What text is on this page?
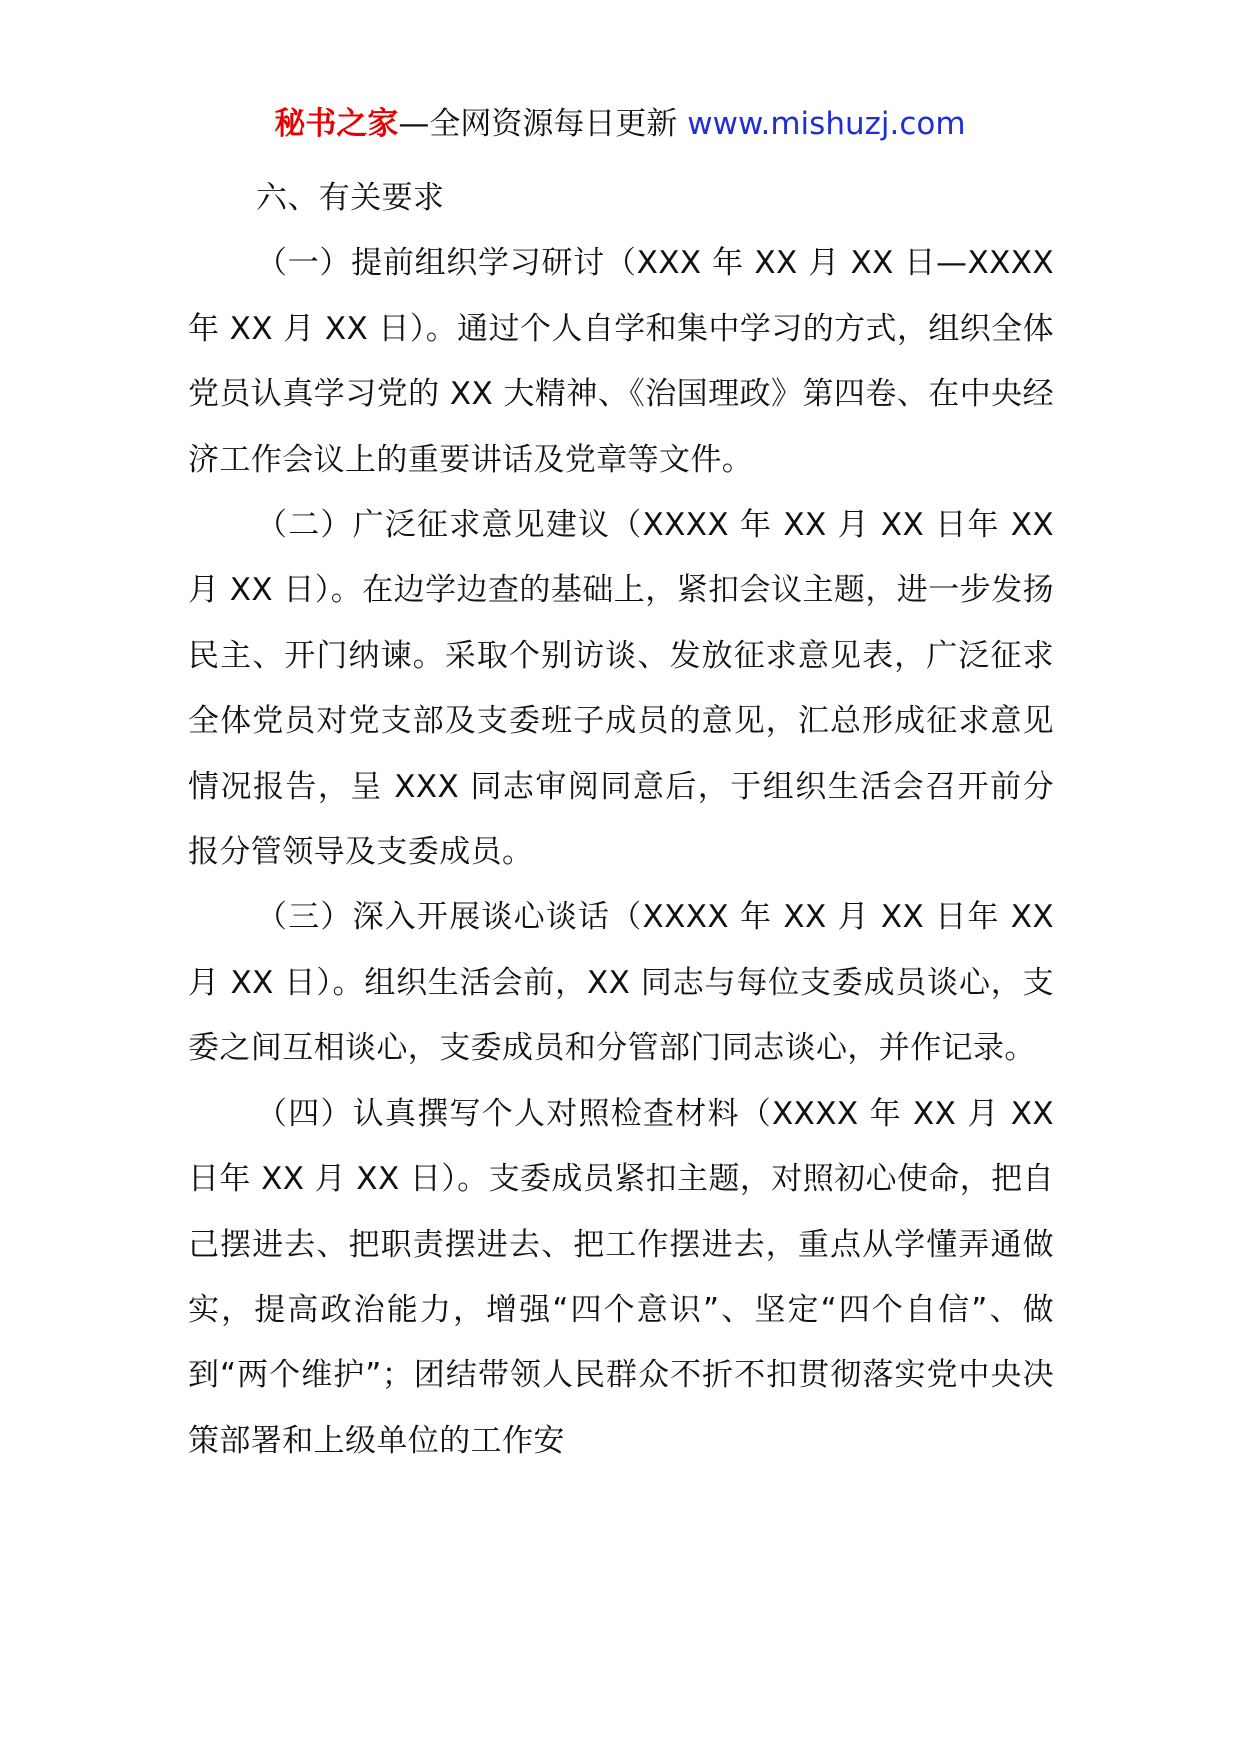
秘书之家—全网资源每日更新 www.mishuzj.com

六、有关要求

（一）提前组织学习研讨（XXX 年 XX 月 XX 日—XXXX 年 XX 月 XX 日）。通过个人自学和集中学习的方式，组织全体党员认真学习党的 XX 大精神、《治国理政》第四卷、在中央经济工作会议上的重要讲话及党章等文件。

（二）广泛征求意见建议（XXXX 年 XX 月 XX 日年 XX 月 XX 日）。在边学边查的基础上，紧扣会议主题，进一步发扬民主、开门纳谏。采取个别访谈、发放征求意见表，广泛征求全体党员对党支部及支委班子成员的意见，汇总形成征求意见情况报告，呈 XXX 同志审阅同意后，于组织生活会召开前分报分管领导及支委成员。

（三）深入开展谈心谈话（XXXX 年 XX 月 XX 日年 XX 月 XX 日）。组织生活会前，XX 同志与每位支委成员谈心，支委之间互相谈心，支委成员和分管部门同志谈心，并作记录。

（四）认真撰写个人对照检查材料（XXXX 年 XX 月 XX 日年 XX 月 XX 日）。支委成员紧扣主题，对照初心使命，把自己摆进去、把职责摆进去、把工作摆进去，重点从学懂弄通做实，提高政治能力，增强“四个意识”、坚定“四个自信”、做到“两个维护”；团结带领人民群众不折不扣贯彻落实党中央决策部署和上级单位的工作安
